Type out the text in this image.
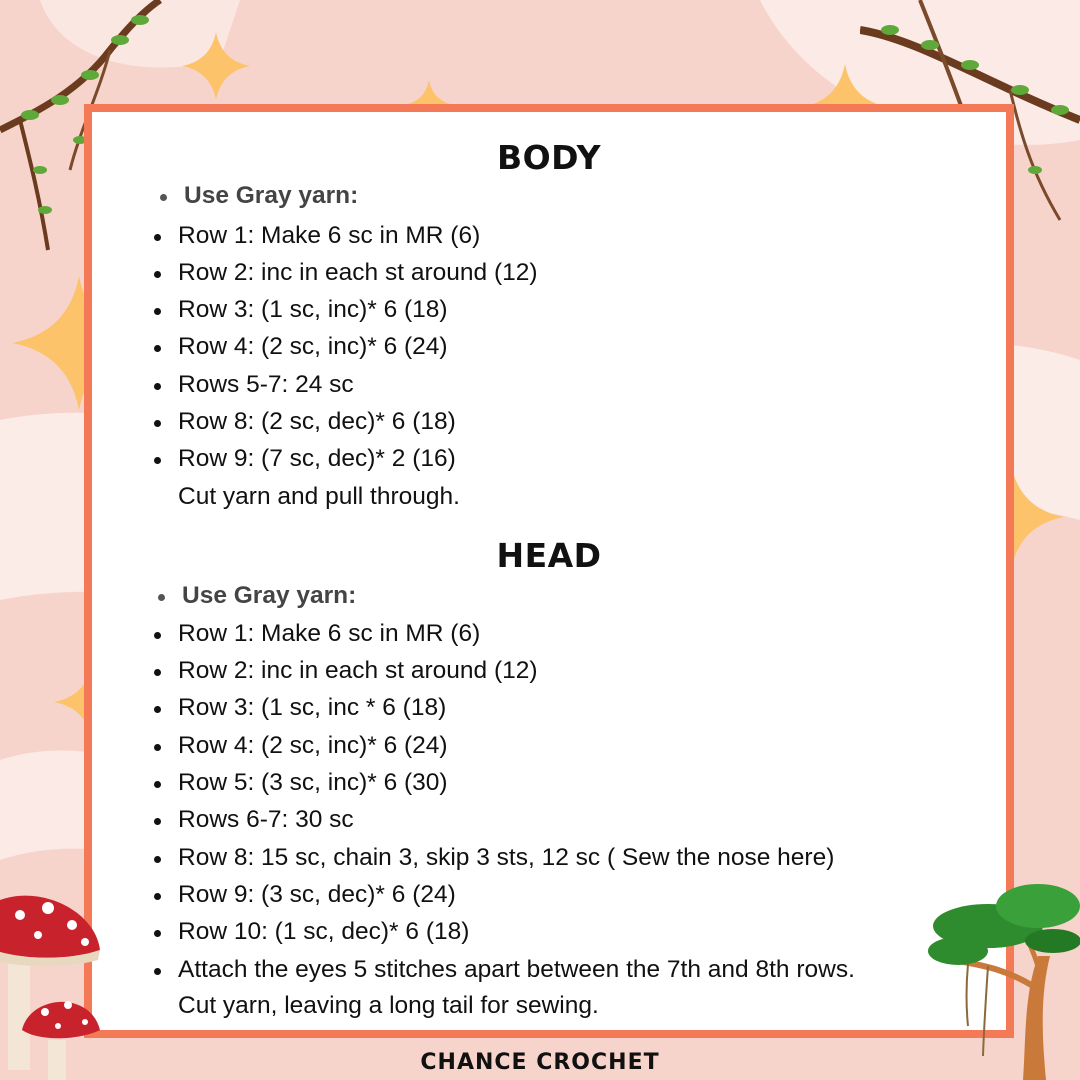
BODY
Use Gray yarn:
Row 1: Make 6 sc in MR (6)
Row 2: inc in each st around (12)
Row 3: (1 sc, inc)* 6 (18)
Row 4: (2 sc, inc)* 6 (24)
Rows 5-7: 24 sc
Row 8: (2 sc, dec)* 6 (18)
Row 9: (7 sc, dec)* 2 (16)
Cut yarn and pull through.
HEAD
Use Gray yarn:
Row 1: Make 6 sc in MR (6)
Row 2: inc in each st around (12)
Row 3: (1 sc, inc * 6 (18)
Row 4: (2 sc, inc)* 6 (24)
Row 5: (3 sc, inc)* 6 (30)
Rows 6-7: 30 sc
Row 8: 15 sc, chain 3, skip 3 sts, 12 sc ( Sew the nose here)
Row 9: (3 sc, dec)* 6 (24)
Row 10: (1 sc, dec)* 6 (18)
Attach the eyes 5 stitches apart between the 7th and 8th rows.
Cut yarn, leaving a long tail for sewing.
CHANCE CROCHET
